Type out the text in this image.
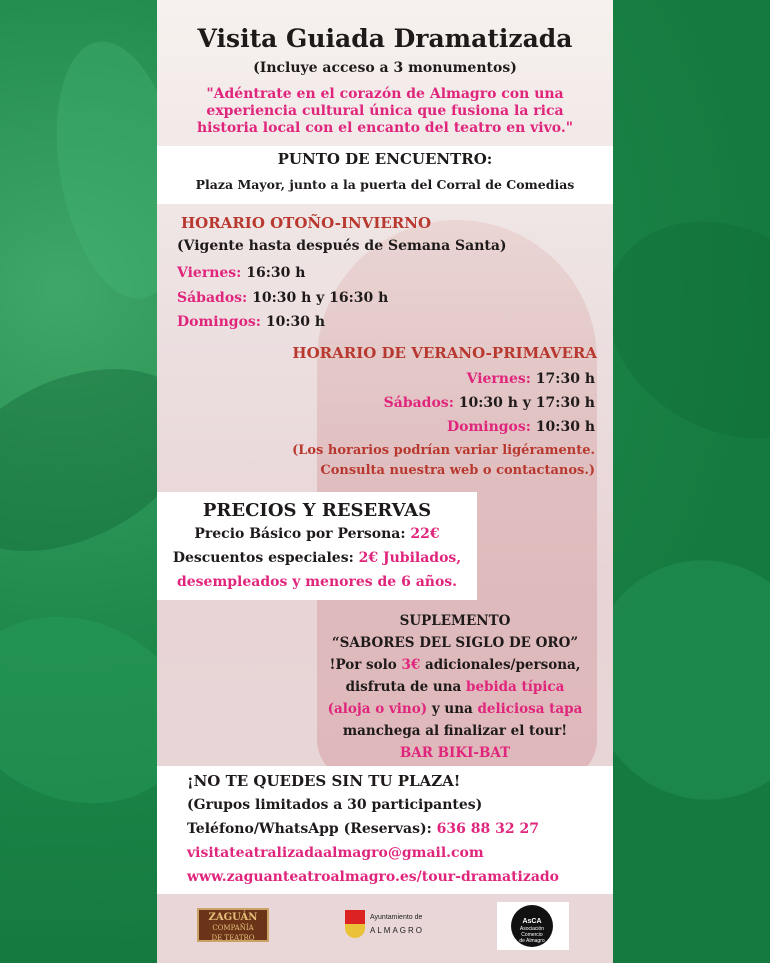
Visita Guiada Dramatizada
(Incluye acceso a 3 monumentos)
"Adéntrate en el corazón de Almagro con una
experiencia cultural única que fusiona la rica
historia local con el encanto del teatro en vivo."
PUNTO DE ENCUENTRO:
Plaza Mayor, junto a la puerta del Corral de Comedias
HORARIO OTOÑO-INVIERNO
(Vigente hasta después de Semana Santa)
Viernes: 16:30 h
Sábados: 10:30 h y 16:30 h
Domingos: 10:30 h
HORARIO DE VERANO-PRIMAVERA
Viernes: 17:30 h
Sábados: 10:30 h y 17:30 h
Domingos: 10:30 h
(Los horarios podrían variar ligéramente.
Consulta nuestra web o contactanos.)
PRECIOS Y RESERVAS
Precio Básico por Persona: 22€
Descuentos especiales: 2€ Jubilados,
desempleados y menores de 6 años.
SUPLEMENTO
“SABORES DEL SIGLO DE ORO”
!Por solo 3€ adicionales/persona,
disfruta de una bebida típica
(aloja o vino) y una deliciosa tapa
manchega al finalizar el tour!
BAR BIKI-BAT
¡NO TE QUEDES SIN TU PLAZA!
(Grupos limitados a 30 participantes)
Teléfono/WhatsApp (Reservas): 636 88 32 27
visitateatralizadaalmagro@gmail.com
www.zaguanteatroalmagro.es/tour-dramatizado
ZAGUÁN
COMPAÑÍA
DE TEATRO
Ayuntamiento de
ALMAGRO
AsCA
Asociación
Comercio
de Almagro
